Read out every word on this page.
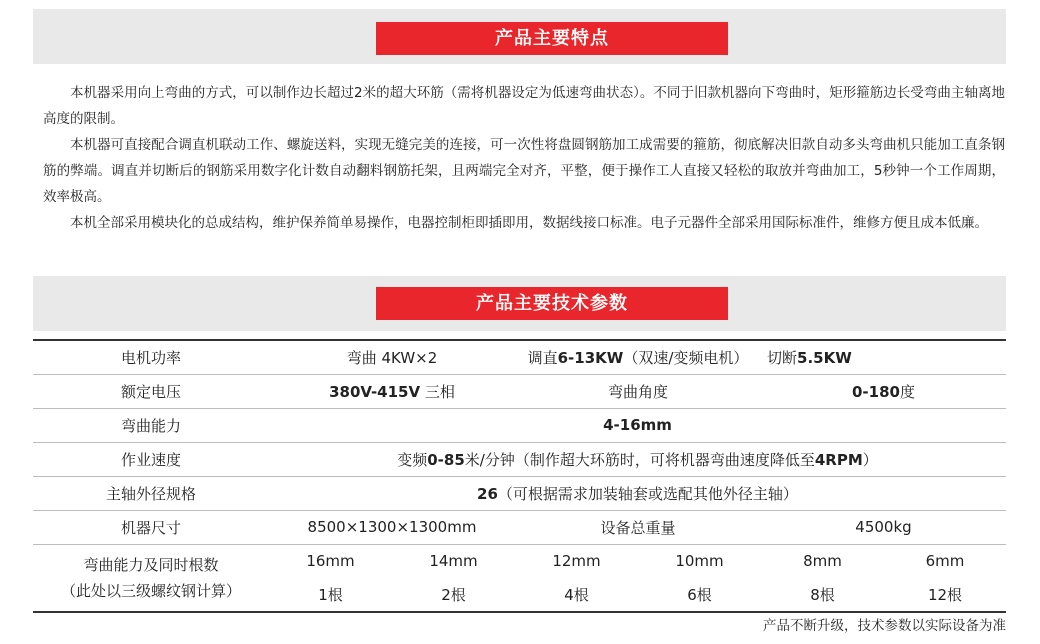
产品主要特点

本机器采用向上弯曲的方式，可以制作边长超过2米的超大环筋（需将机器设定为低速弯曲状态）。不同于旧款机器向下弯曲时，矩形箍筋边长受弯曲主轴离地高度的限制。

本机器可直接配合调直机联动工作、螺旋送料，实现无缝完美的连接，可一次性将盘圆钢筋加工成需要的箍筋，彻底解决旧款自动多头弯曲机只能加工直条钢筋的弊端。调直并切断后的钢筋采用数字化计数自动翻料钢筋托架，且两端完全对齐，平整，便于操作工人直接又轻松的取放并弯曲加工，5秒钟一个工作周期，效率极高。

本机全部采用模块化的总成结构，维护保养简单易操作，电器控制柜即插即用，数据线接口标准。电子元器件全部采用国际标准件，维修方便且成本低廉。

产品主要技术参数
电机功率	弯曲 4KW×2		调直6-13KW（双速/变频电机）		切断5.5KW	
额定电压	380V-415V 三相		弯曲角度		0-180度	
弯曲能力	4-16mm					
作业速度	变频0-85米/分钟（制作超大环筋时，可将机器弯曲速度降低至4RPM）					
主轴外径规格	26（可根据需求加装轴套或选配其他外径主轴）					
机器尺寸	8500×1300×1300mm		设备总重量		4500kg	
弯曲能力及同时根数
（此处以三级螺纹钢计算）	16mm	14mm	12mm	10mm	8mm	6mm
	1根	2根	4根	6根	8根	12根
产品不断升级，技术参数以实际设备为准
